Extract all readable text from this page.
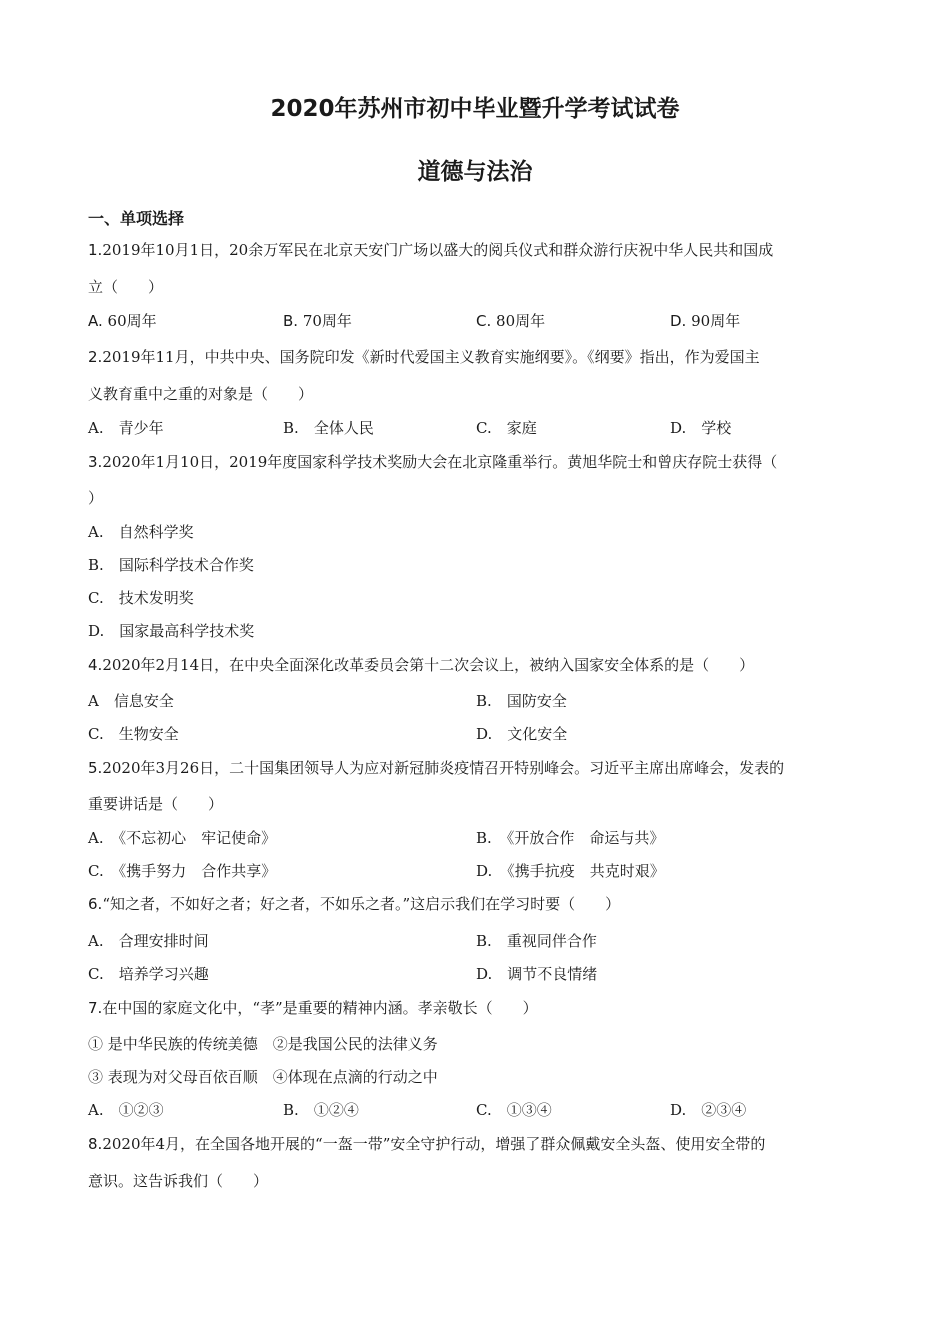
2020年苏州市初中毕业暨升学考试试卷
道德与法治
一、单项选择
1.2019年10月1日，20余万军民在北京天安门广场以盛大的阅兵仪式和群众游行庆祝中华人民共和国成
立（　　）
A. 60周年	B. 70周年	C. 80周年	D. 90周年
2.2019年11月，中共中央、国务院印发《新时代爱国主义教育实施纲要》。《纲要》指出，作为爱国主
义教育重中之重的对象是（　　）
A.　 青少年	B.　 全体人民	C.　 家庭	D.　 学校
3.2020年1月10日，2019年度国家科学技术奖励大会在北京隆重举行。黄旭华院士和曾庆存院士获得（
）
A.　 自然科学奖
B.　 国际科学技术合作奖
C.　 技术发明奖
D.　 国家最高科学技术奖
4.2020年2月14日，在中央全面深化改革委员会第十二次会议上，被纳入国家安全体系的是（　　）
A　 信息安全	B.　 国防安全
C.　 生物安全	D.　 文化安全
5.2020年3月26日，二十国集团领导人为应对新冠肺炎疫情召开特别峰会。习近平主席出席峰会，发表的
重要讲话是（　　）
A.　 《不忘初心　牢记使命》	B.　 《开放合作　命运与共》
C.　 《携手努力　合作共享》	D.　 《携手抗疫　共克时艰》
6.“知之者，不如好之者；好之者，不如乐之者。”这启示我们在学习时要（　　）
A.　 合理安排时间	B.　 重视同伴合作
C.　 培养学习兴趣	D.　 调节不良情绪
7.在中国的家庭文化中，“孝”是重要的精神内涵。孝亲敬长（　　）
① 是中华民族的传统美德　②是我国公民的法律义务
③ 表现为对父母百依百顺　④体现在点滴的行动之中
A.　 ①②③	B.　 ①②④	C.　 ①③④	D.　 ②③④
8.2020年4月，在全国各地开展的“一盔一带”安全守护行动，增强了群众佩戴安全头盔、使用安全带的
意识。这告诉我们（　　）
